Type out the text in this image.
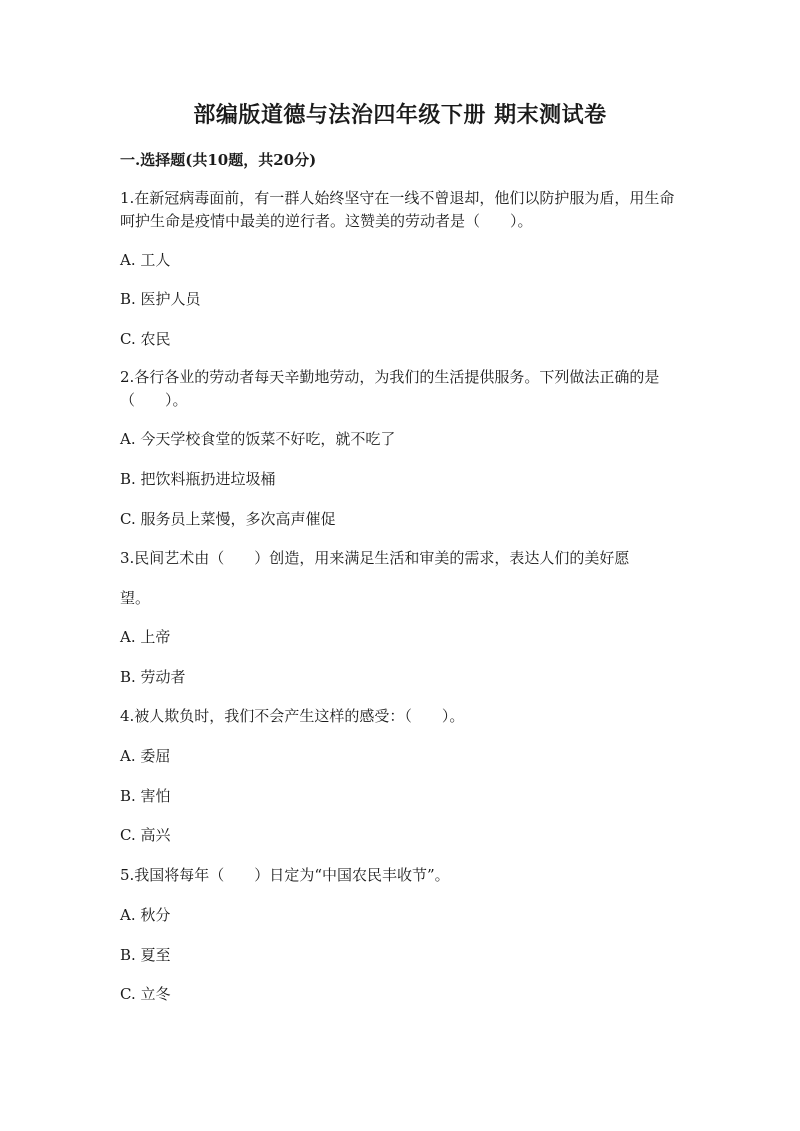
部编版道德与法治四年级下册 期末测试卷
一.选择题(共10题，共20分)
1.在新冠病毒面前，有一群人始终坚守在一线不曾退却，他们以防护服为盾，用生命呵护生命是疫情中最美的逆行者。这赞美的劳动者是（　　）。
A. 工人
B. 医护人员
C. 农民
2.各行各业的劳动者每天辛勤地劳动，为我们的生活提供服务。下列做法正确的是（　　）。
A. 今天学校食堂的饭菜不好吃，就不吃了
B. 把饮料瓶扔进垃圾桶
C. 服务员上菜慢，多次高声催促
3.民间艺术由（　　）创造，用来满足生活和审美的需求，表达人们的美好愿
望。
A. 上帝
B. 劳动者
4.被人欺负时，我们不会产生这样的感受：（　　）。
A. 委屈
B. 害怕
C. 高兴
5.我国将每年（　　）日定为“中国农民丰收节”。
A. 秋分
B. 夏至
C. 立冬
